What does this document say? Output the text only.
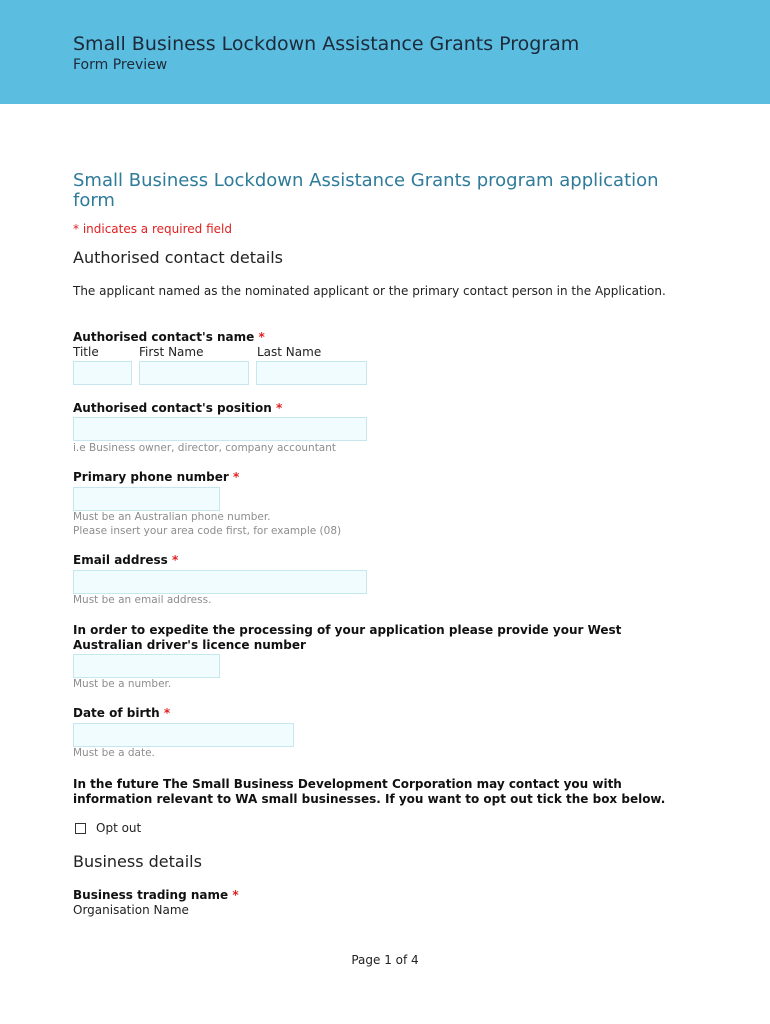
Small Business Lockdown Assistance Grants Program
Form Preview
Small Business Lockdown Assistance Grants program application form
* indicates a required field
Authorised contact details
The applicant named as the nominated applicant or the primary contact person in the Application.
Authorised contact's name *
Title	First Name	Last Name
Authorised contact's position *
i.e Business owner, director, company accountant
Primary phone number *
Must be an Australian phone number.
Please insert your area code first, for example (08)
Email address *
Must be an email address.
In order to expedite the processing of your application please provide your West Australian driver's licence number
Must be a number.
Date of birth *
Must be a date.
In the future The Small Business Development Corporation may contact you with information relevant to WA small businesses. If you want to opt out tick the box below.
Opt out
Business details
Business trading name *
Organisation Name
Page 1 of 4
